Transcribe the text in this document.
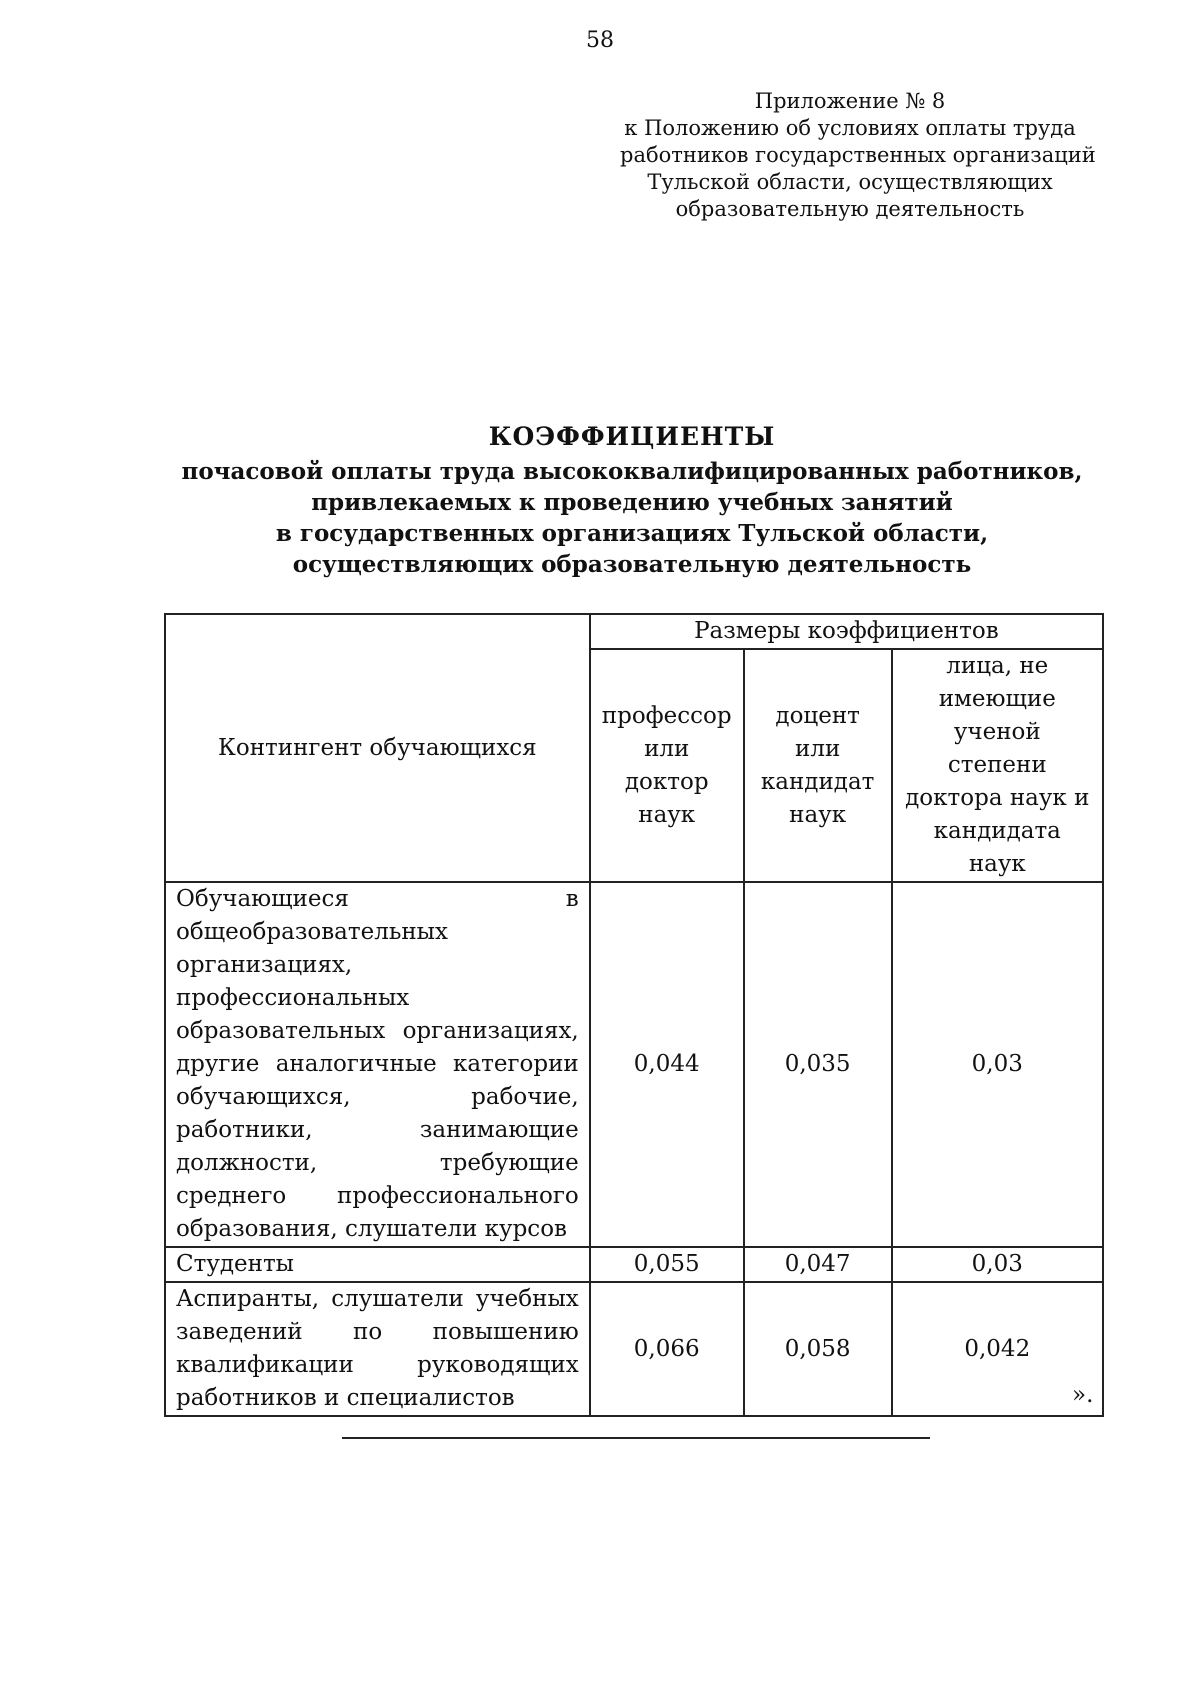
58
Приложение № 8
к Положению об условиях оплаты труда
работников государственных организаций
Тульской области, осуществляющих
образовательную деятельность
КОЭФФИЦИЕНТЫ
почасовой оплаты труда высококвалифицированных работников,
привлекаемых к проведению учебных занятий
в государственных организациях Тульской области,
осуществляющих образовательную деятельность
Контингент обучающихся	Размеры коэффициентов		
	профессор или доктор наук	доцент или кандидат наук	лица, не имеющие ученой степени доктора наук и кандидата наук
Обучающиеся в общеобразовательных организациях, профессиональных образовательных организациях, другие аналогичные категории обучающихся, рабочие, работники, занимающие должности, требующие среднего профессионального образования, слушатели курсов	0,044	0,035	0,03
Студенты	0,055	0,047	0,03
Аспиранты, слушатели учебных заведений по повышению квалификации руководящих работников и специалистов	0,066	0,058	0,042
».
